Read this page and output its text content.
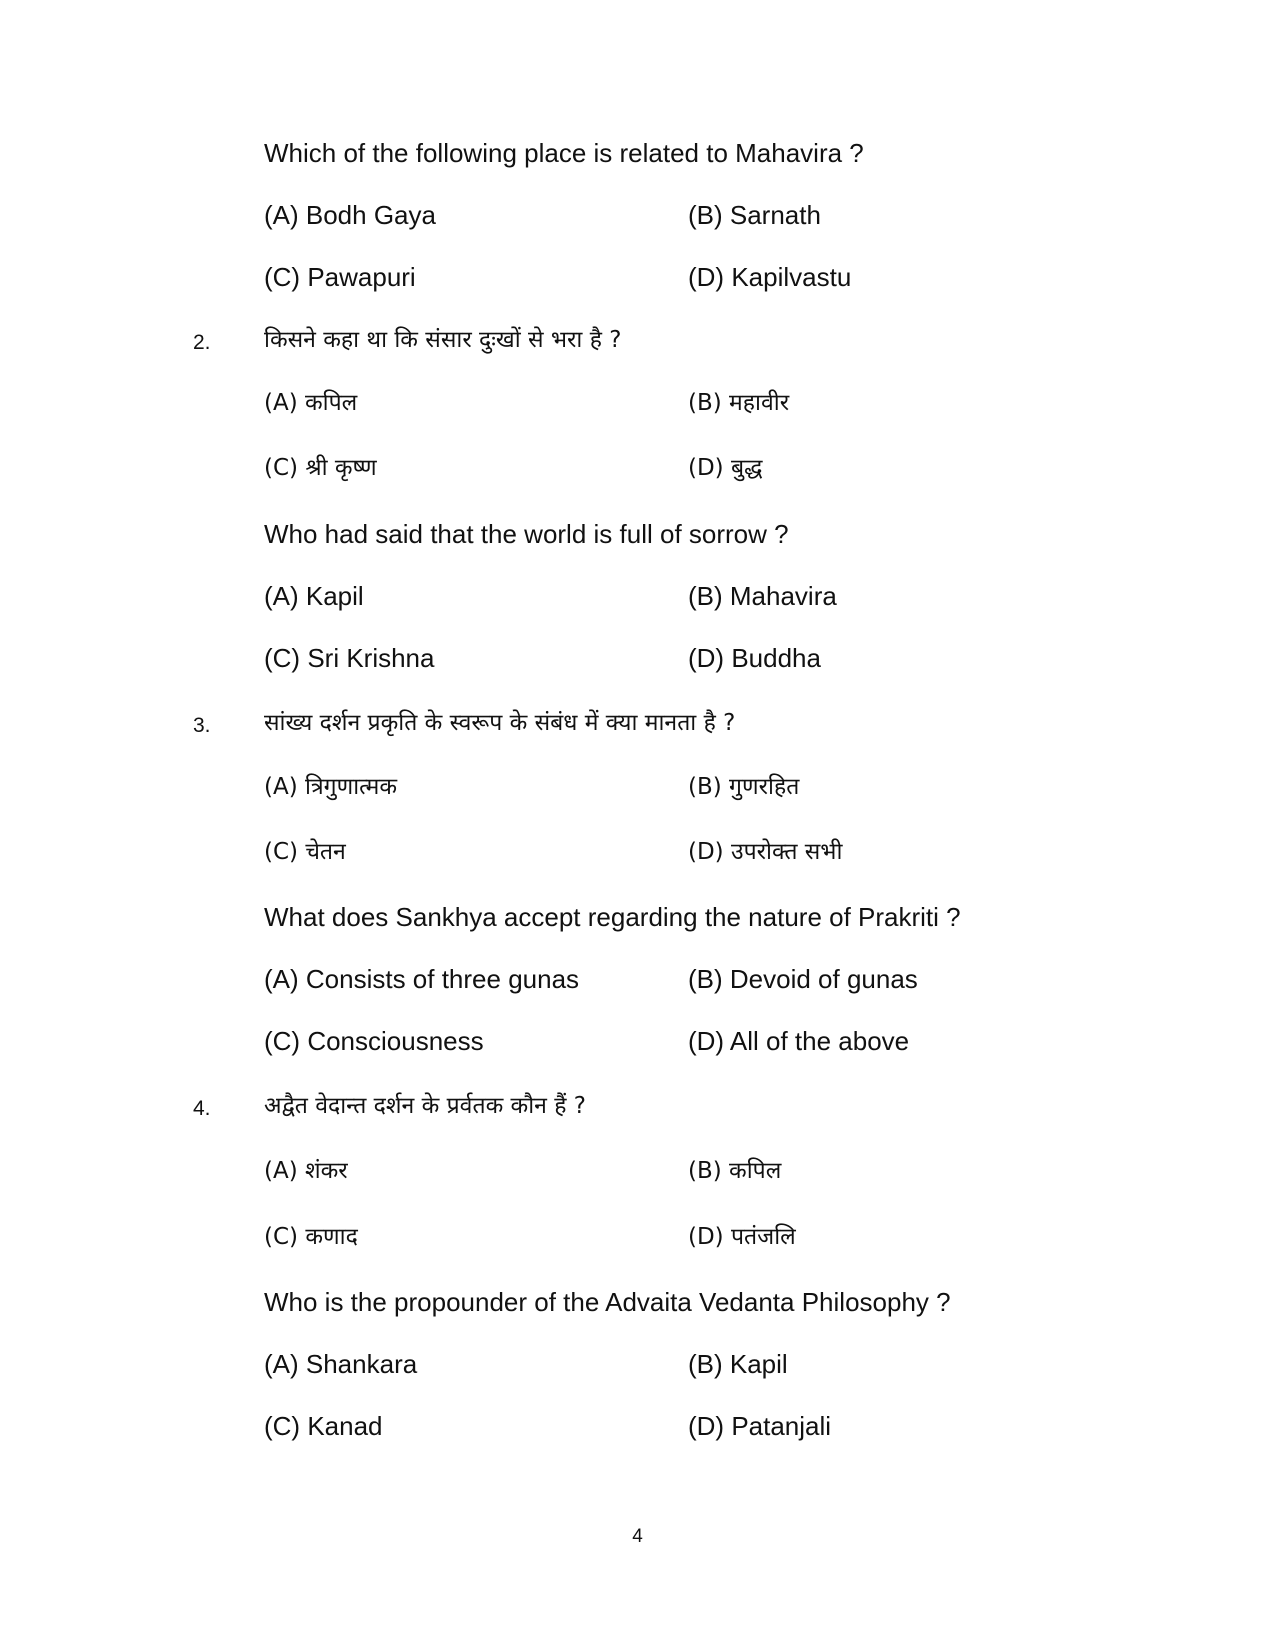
Which of the following place is related to Mahavira ?
(A) Bodh Gaya	(B) Sarnath
(C) Pawapuri	(D) Kapilvastu
2. किसने कहा था कि संसार दुःखों से भरा है ?
(A) कपिल	(B) महावीर
(C) श्री कृष्ण	(D) बुद्ध
Who had said that the world is full of sorrow ?
(A) Kapil	(B) Mahavira
(C) Sri Krishna	(D) Buddha
3. सांख्य दर्शन प्रकृति के स्वरूप के संबंध में क्या मानता है ?
(A) त्रिगुणात्मक	(B) गुणरहित
(C) चेतन	(D) उपरोक्त सभी
What does Sankhya accept regarding the nature of Prakriti ?
(A) Consists of three gunas	(B) Devoid of gunas
(C) Consciousness	(D) All of the above
4. अद्वैत वेदान्त दर्शन के प्रर्वतक कौन हैं ?
(A) शंकर	(B) कपिल
(C) कणाद	(D) पतंजलि
Who is the propounder of the Advaita Vedanta Philosophy ?
(A) Shankara	(B) Kapil
(C) Kanad	(D) Patanjali
4
